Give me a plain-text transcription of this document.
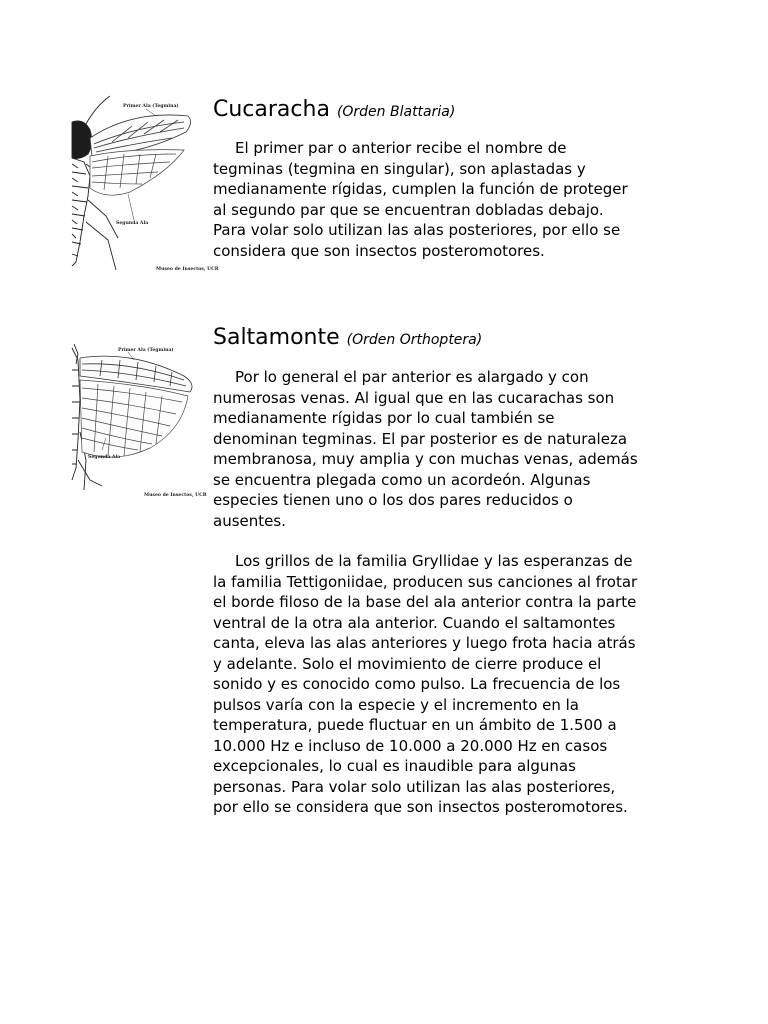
Primer Ala (Tegmina)
Segunda Ala
Museo de Insectos, UCR
Cucaracha (Orden Blattaria)

El primer par o anterior recibe el nombre de tegminas (tegmina en singular), son aplastadas y medianamente rígidas, cumplen la función de proteger al segundo par que se encuentran dobladas debajo. Para volar solo utilizan las alas posteriores, por ello se considera que son insectos posteromotores.

Primer Ala (Tegmina)
Segunda Ala
Museo de Insectos, UCR
Saltamonte (Orden Orthoptera)

Por lo general el par anterior es alargado y con numerosas venas. Al igual que en las cucarachas son medianamente rígidas por lo cual también se denominan tegminas. El par posterior es de naturaleza membranosa, muy amplia y con muchas venas, además se encuentra plegada como un acordeón. Algunas especies tienen uno o los dos pares reducidos o ausentes.

Los grillos de la familia Gryllidae y las esperanzas de la familia Tettigoniidae, producen sus canciones al frotar el borde filoso de la base del ala anterior contra la parte ventral de la otra ala anterior. Cuando el saltamontes canta, eleva las alas anteriores y luego frota hacia atrás y adelante. Solo el movimiento de cierre produce el sonido y es conocido como pulso. La frecuencia de los pulsos varía con la especie y el incremento en la temperatura, puede fluctuar en un ámbito de 1.500 a 10.000 Hz e incluso de 10.000 a 20.000 Hz en casos excepcionales, lo cual es inaudible para algunas personas. Para volar solo utilizan las alas posteriores, por ello se considera que son insectos posteromotores.
